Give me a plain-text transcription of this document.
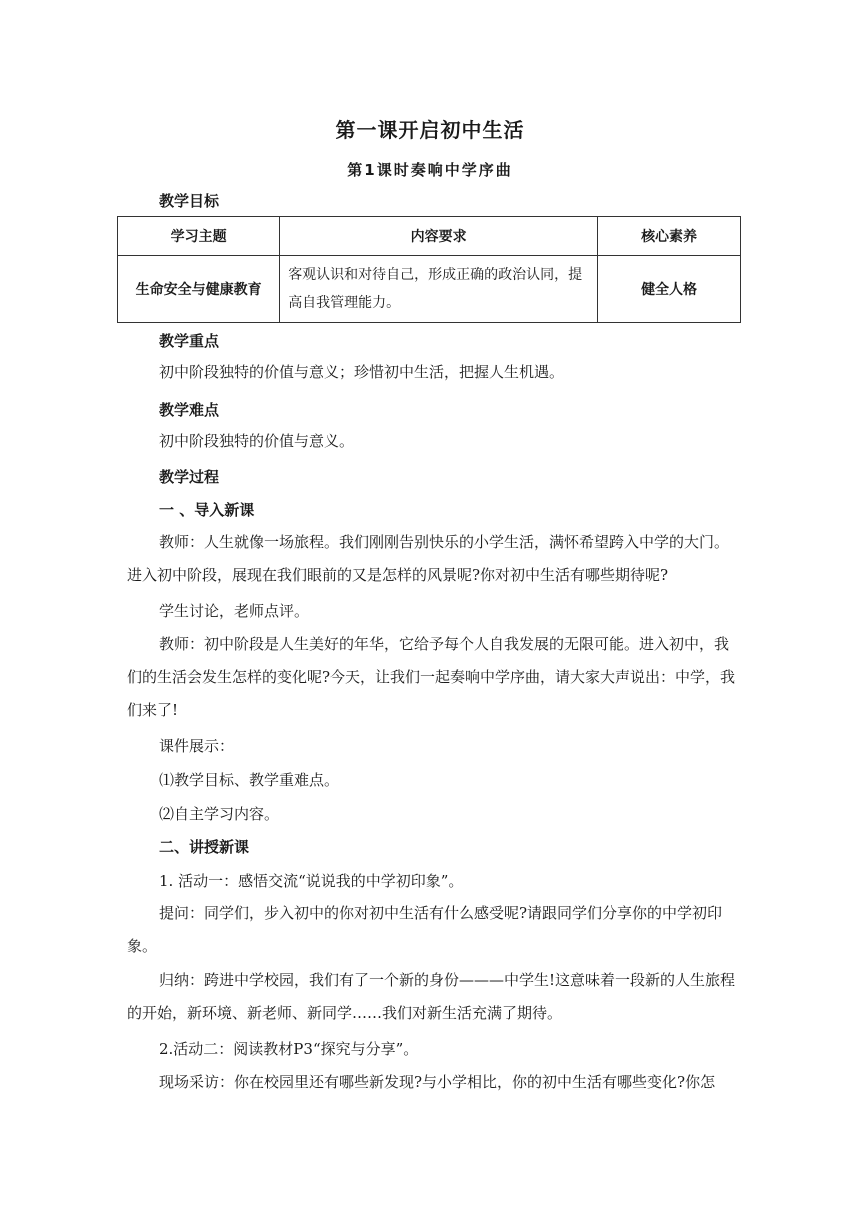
第一课开启初中生活
第1课时奏响中学序曲
教学目标
学习主题	内容要求	核心素养
生命安全与健康教育	客观认识和对待自己，形成正确的政治认同，提高自我管理能力。	健全人格
教学重点
初中阶段独特的价值与意义；珍惜初中生活，把握人生机遇。
教学难点
初中阶段独特的价值与意义。
教学过程
一 、导入新课

教师：人生就像一场旅程。我们刚刚告别快乐的小学生活，满怀希望跨入中学的大门。进入初中阶段，展现在我们眼前的又是怎样的风景呢?你对初中生活有哪些期待呢?

学生讨论，老师点评。

教师：初中阶段是人生美好的年华，它给予每个人自我发展的无限可能。进入初中，我们的生活会发生怎样的变化呢?今天，让我们一起奏响中学序曲，请大家大声说出：中学，我们来了!

课件展示：
⑴教学目标、教学重难点。
⑵自主学习内容。
二、讲授新课
1. 活动一：感悟交流“说说我的中学初印象”。

提问：同学们，步入初中的你对初中生活有什么感受呢?请跟同学们分享你的中学初印象。

归纳：跨进中学校园，我们有了一个新的身份———中学生!这意味着一段新的人生旅程的开始，新环境、新老师、新同学……我们对新生活充满了期待。

2.活动二：阅读教材P3“探究与分享”。

现场采访：你在校园里还有哪些新发现?与小学相比，你的初中生活有哪些变化?你怎
